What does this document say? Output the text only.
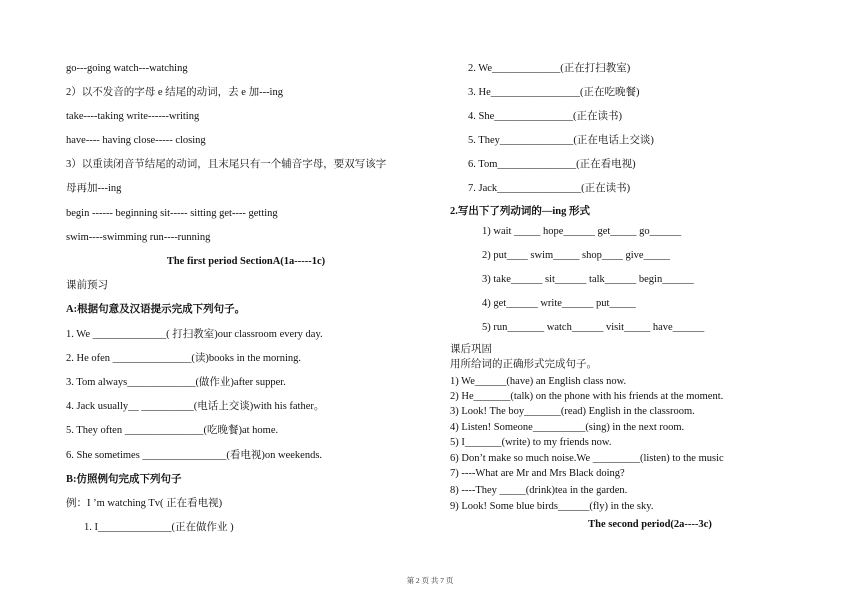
go---going watch---watching
2）以不发音的字母 e 结尾的动词，去 e 加---ing
take----taking write------writing
have---- having close----- closing
3）以重读闭音节结尾的动词，且末尾只有一个辅音字母，要双写该字
母再加---ing
begin ------ beginning sit----- sitting get---- getting
swim----swimming run----running
The first period SectionA(1a-----1c)
课前预习
A:根据句意及汉语提示完成下列句子。
1. We ______________( 打扫教室)our classroom every day.
2. He ofen _______________(读)books in the morning.
3. Tom always_____________(做作业)after supper.
4. Jack usually__ __________(电话上交谈)with his father。
5. They often _______________(吃晚餐)at home.
6. She sometimes ________________(看电视)on weekends.
B:仿照例句完成下列句子
例：I ’m watching Tv( 正在看电视)
1. I______________(正在做作业 )
2. We_____________(正在打扫教室)
3. He_________________(正在吃晚餐)
4. She_______________(正在读书)
5. They______________(正在电话上交谈)
6. Tom_______________(正在看电视)
7. Jack________________(正在读书)
2.写出下了列动词的—ing 形式
1) wait _____ hope______ get_____ go______
2) put____ swim_____ shop____ give_____
3) take______ sit______ talk______ begin______
4) get______ write______ put_____
5) run_______ watch______ visit_____ have______
课后巩固
用所给词的正确形式完成句子。
1) We______(have) an English class now.
2) He_______(talk) on the phone with his friends at the moment.
3) Look! The boy_______(read) English in the classroom.
4) Listen! Someone__________(sing) in the next room.
5) I_______(write) to my friends now.
6) Don’t make so much noise.We _________(listen) to the music
7) ----What are Mr and Mrs Black doing?
8) ----They _____(drink)tea in the garden.
9) Look! Some blue birds______(fly) in the sky.
The second period(2a----3c)
第 2 页 共 7 页
